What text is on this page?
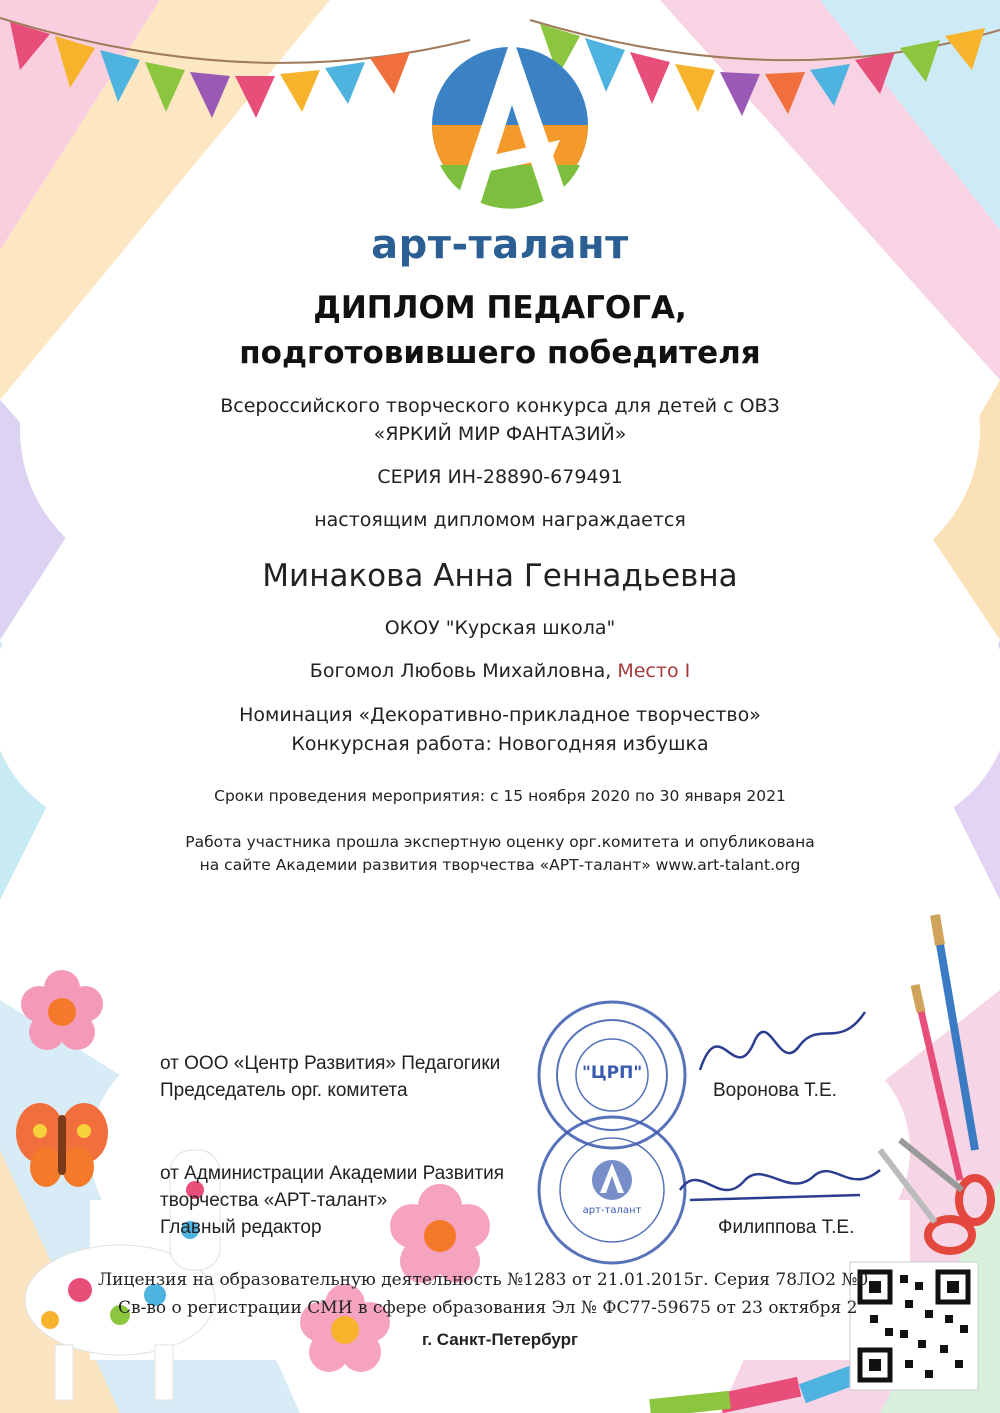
арт-талант
ДИПЛОМ ПЕДАГОГА,
подготовившего победителя
Всероссийского творческого конкурса для детей с ОВЗ
«ЯРКИЙ МИР ФАНТАЗИЙ»
СЕРИЯ ИН-28890-679491
настоящим дипломом награждается
Минакова Анна Геннадьевна
ОКОУ "Курская школа"
Богомол Любовь Михайловна, Место I
Номинация «Декоративно-прикладное творчество»
Конкурсная работа: Новогодняя избушка
Сроки проведения мероприятия: с 15 ноября 2020 по 30 января 2021
Работа участника прошла экспертную оценку орг.комитета и опубликована
на сайте Академии развития творчества «АРТ-талант» www.art-talant.org
от ООО «Центр Развития» Педагогики
Председатель орг. комитета	Воронова Т.Е.
от Администрации Академии Развития
творчества «АРТ-талант»
Главный редактор	Филиппова Т.Е.
"ЦРП"
арт-талант
Лицензия на образовательную деятельность №1283 от 21.01.2015г. Серия 78ЛО2 №0
Св-во о регистрации СМИ в сфере образования Эл № ФС77-59675 от 23 октября 2
г. Санкт-Петербург
